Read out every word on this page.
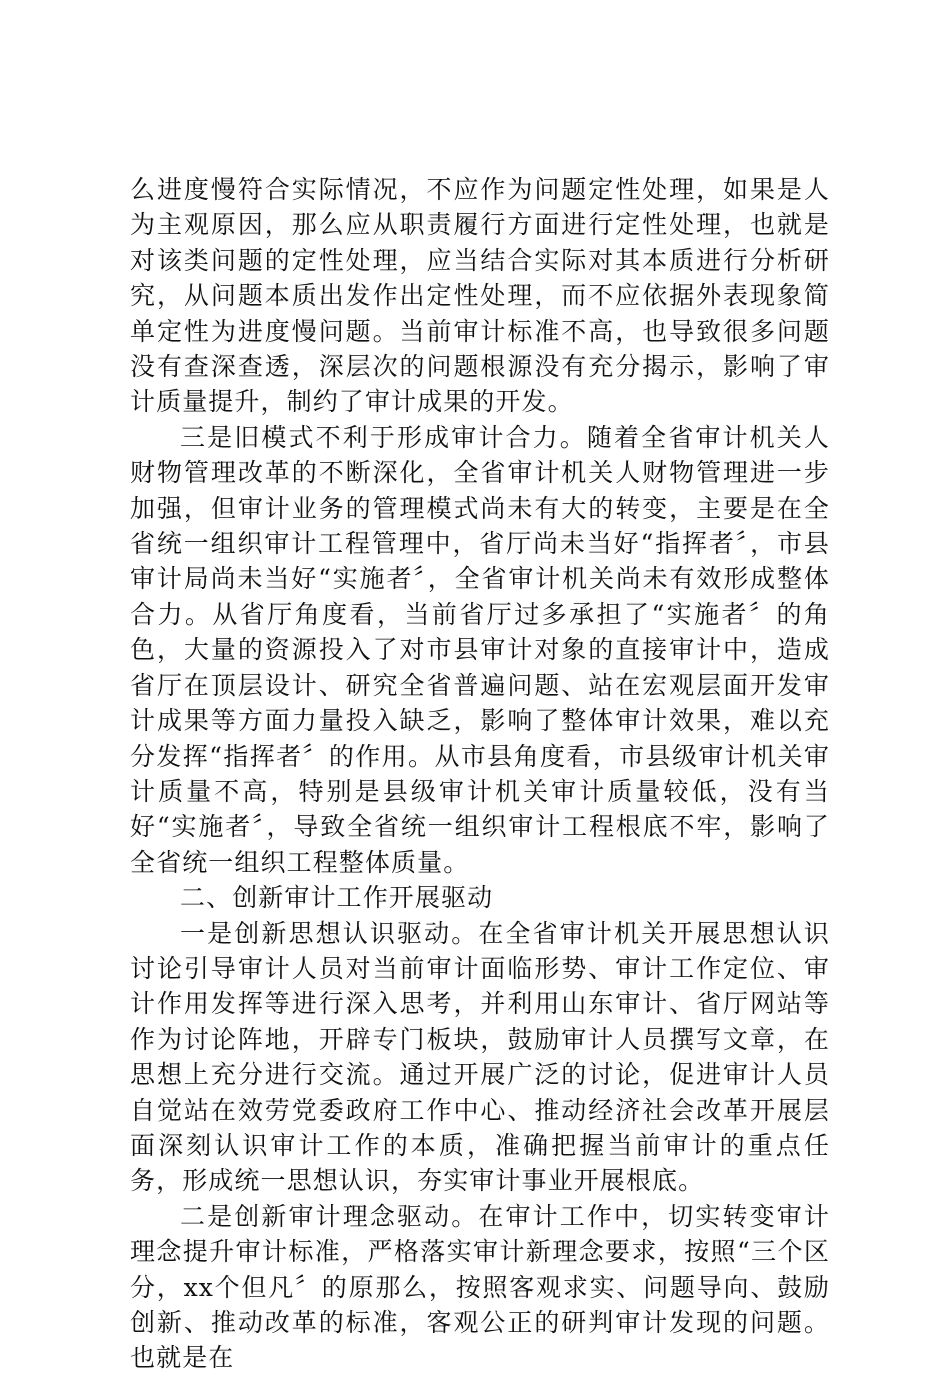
么进度慢符合实际情况，不应作为问题定性处理，如果是人为主观原因，那么应从职责履行方面进行定性处理，也就是对该类问题的定性处理，应当结合实际对其本质进行分析研究，从问题本质出发作出定性处理，而不应依据外表现象简单定性为进度慢问题。当前审计标准不高，也导致很多问题没有查深查透，深层次的问题根源没有充分揭示，影响了审计质量提升，制约了审计成果的开发。

三是旧模式不利于形成审计合力。随着全省审计机关人财物管理改革的不断深化，全省审计机关人财物管理进一步加强，但审计业务的管理模式尚未有大的转变，主要是在全省统一组织审计工程管理中，省厅尚未当好“指挥者〞，市县审计局尚未当好“实施者〞，全省审计机关尚未有效形成整体合力。从省厅角度看，当前省厅过多承担了“实施者〞的角色，大量的资源投入了对市县审计对象的直接审计中，造成省厅在顶层设计、研究全省普遍问题、站在宏观层面开发审计成果等方面力量投入缺乏，影响了整体审计效果，难以充分发挥“指挥者〞的作用。从市县角度看，市县级审计机关审计质量不高，特别是县级审计机关审计质量较低，没有当好“实施者〞，导致全省统一组织审计工程根底不牢，影响了全省统一组织工程整体质量。

二、创新审计工作开展驱动

一是创新思想认识驱动。在全省审计机关开展思想认识讨论引导审计人员对当前审计面临形势、审计工作定位、审计作用发挥等进行深入思考，并利用山东审计、省厅网站等作为讨论阵地，开辟专门板块，鼓励审计人员撰写文章，在思想上充分进行交流。通过开展广泛的讨论，促进审计人员自觉站在效劳党委政府工作中心、推动经济社会改革开展层面深刻认识审计工作的本质，准确把握当前审计的重点任务，形成统一思想认识，夯实审计事业开展根底。

二是创新审计理念驱动。在审计工作中，切实转变审计理念提升审计标准，严格落实审计新理念要求，按照“三个区分，xx个但凡〞的原那么，按照客观求实、问题导向、鼓励创新、推动改革的标准，客观公正的研判审计发现的问题。也就是在
